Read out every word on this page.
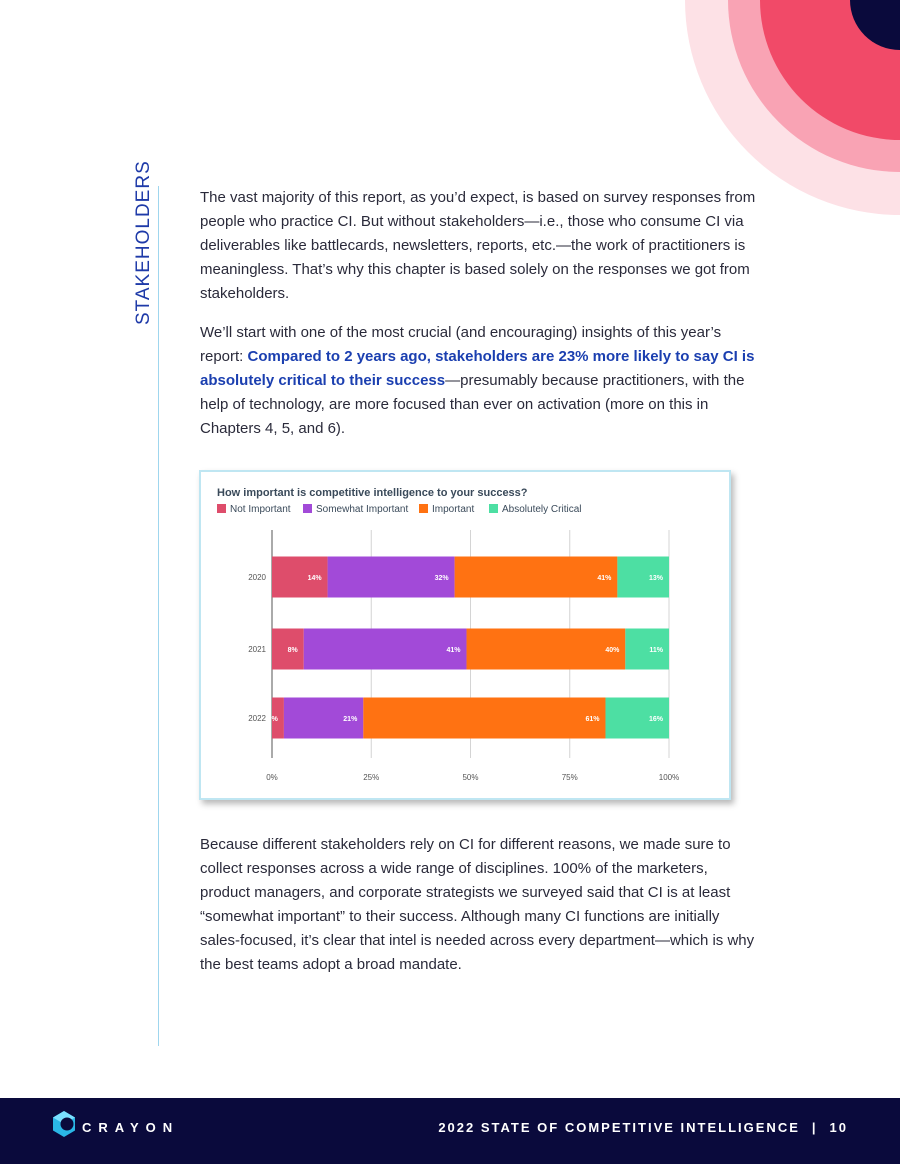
STAKEHOLDERS	The vast majority of this report, as you’d expect, is based on survey responses from people who practice CI. But without stakeholders—i.e., those who consume CI via deliverables like battlecards, newsletters, reports, etc.—the work of practitioners is meaningless. That’s why this chapter is based solely on the responses we got from stakeholders.

We’ll start with one of the most crucial (and encouraging) insights of this year’s report: Compared to 2 years ago, stakeholders are 23% more likely to say CI is absolutely critical to their success—presumably because practitioners, with the help of technology, are more focused than ever on activation (more on this in Chapters 4, 5, and 6).

How important is competitive intelligence to your success?
Not Important	Somewhat Important	Important	Absolutely Critical
0%	25%	50%	75%	100%
2020	14%	32%	41%	13%
2021	8%	41%	40%	11%
2022 2%	21%	61%	16%

Because different stakeholders rely on CI for different reasons, we made sure to collect responses across a wide range of disciplines. 100% of the marketers, product managers, and corporate strategists we surveyed said that CI is at least “somewhat important” to their success. Although many CI functions are initially sales-focused, it’s clear that intel is needed across every department—which is why the best teams adopt a broad mandate.

CRAYON	2022 STATE OF COMPETITIVE INTELLIGENCE | 10
